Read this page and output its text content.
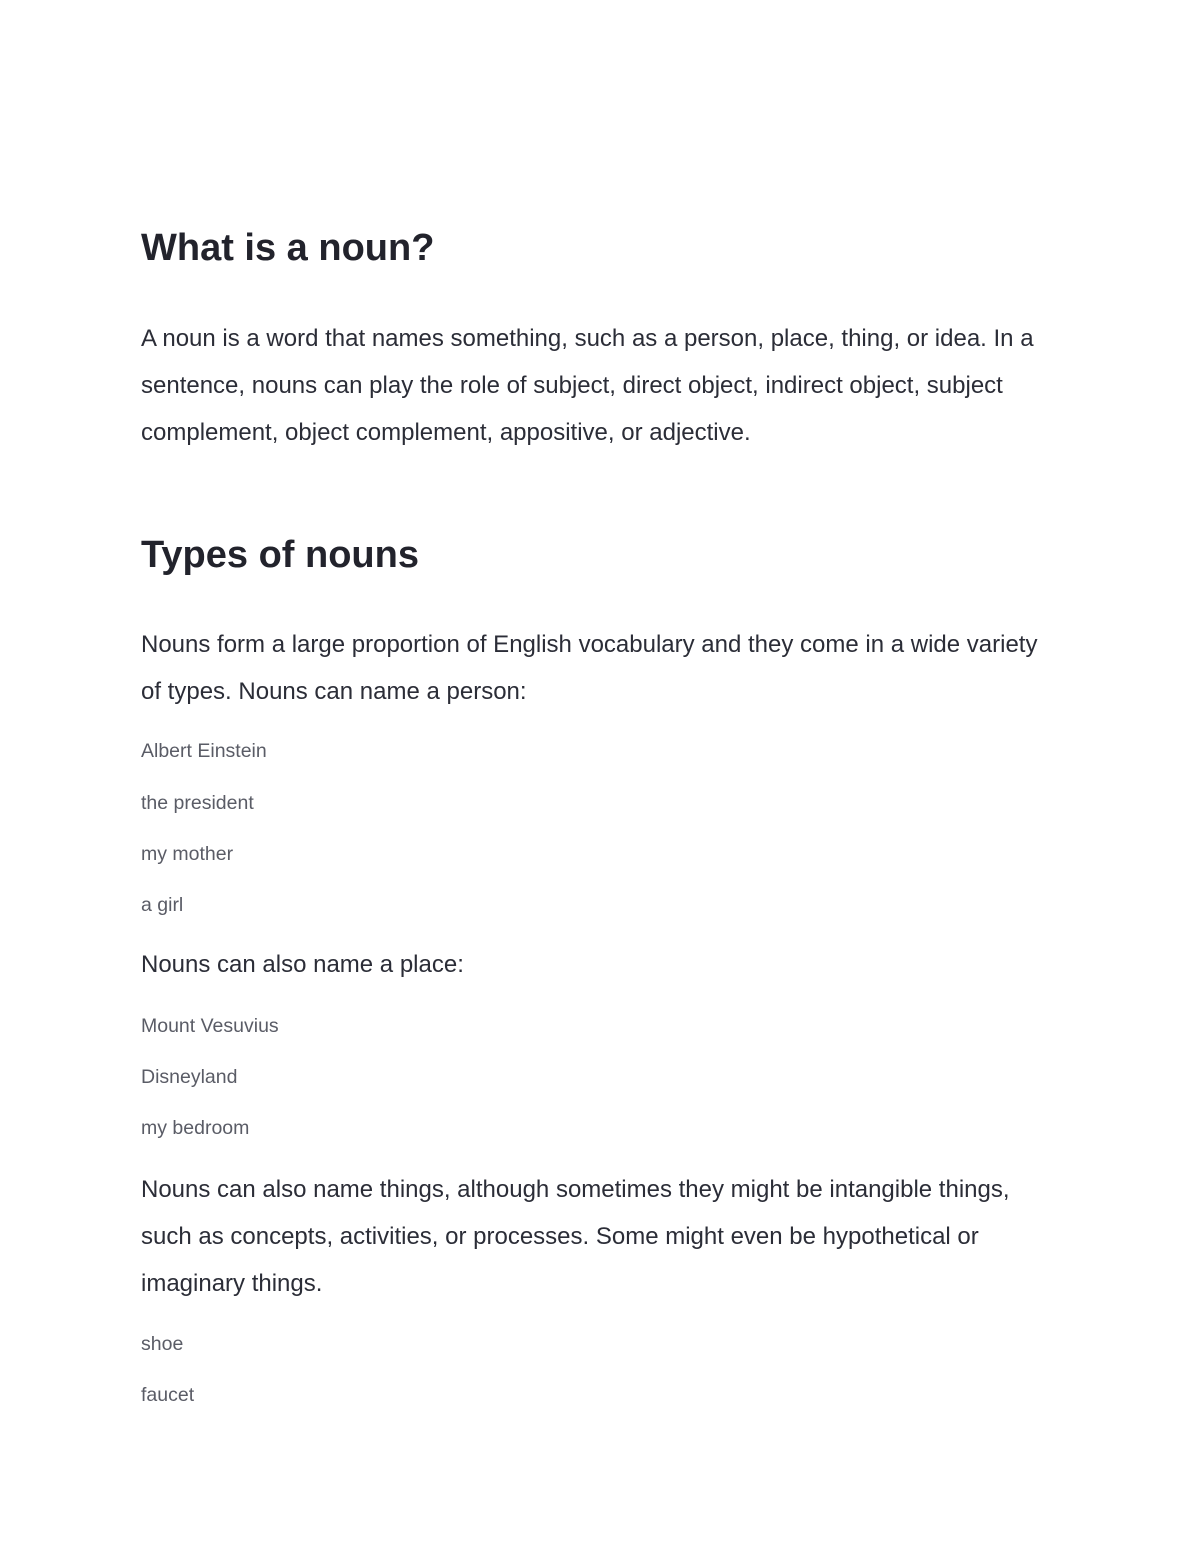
What is a noun?

A noun is a word that names something, such as a person, place, thing, or idea. In a sentence, nouns can play the role of subject, direct object, indirect object, subject complement, object complement, appositive, or adjective.

Types of nouns

Nouns form a large proportion of English vocabulary and they come in a wide variety of types. Nouns can name a person:

Albert Einstein
the president
my mother
a girl

Nouns can also name a place:

Mount Vesuvius
Disneyland
my bedroom

Nouns can also name things, although sometimes they might be intangible things, such as concepts, activities, or processes. Some might even be hypothetical or imaginary things.

shoe
faucet
